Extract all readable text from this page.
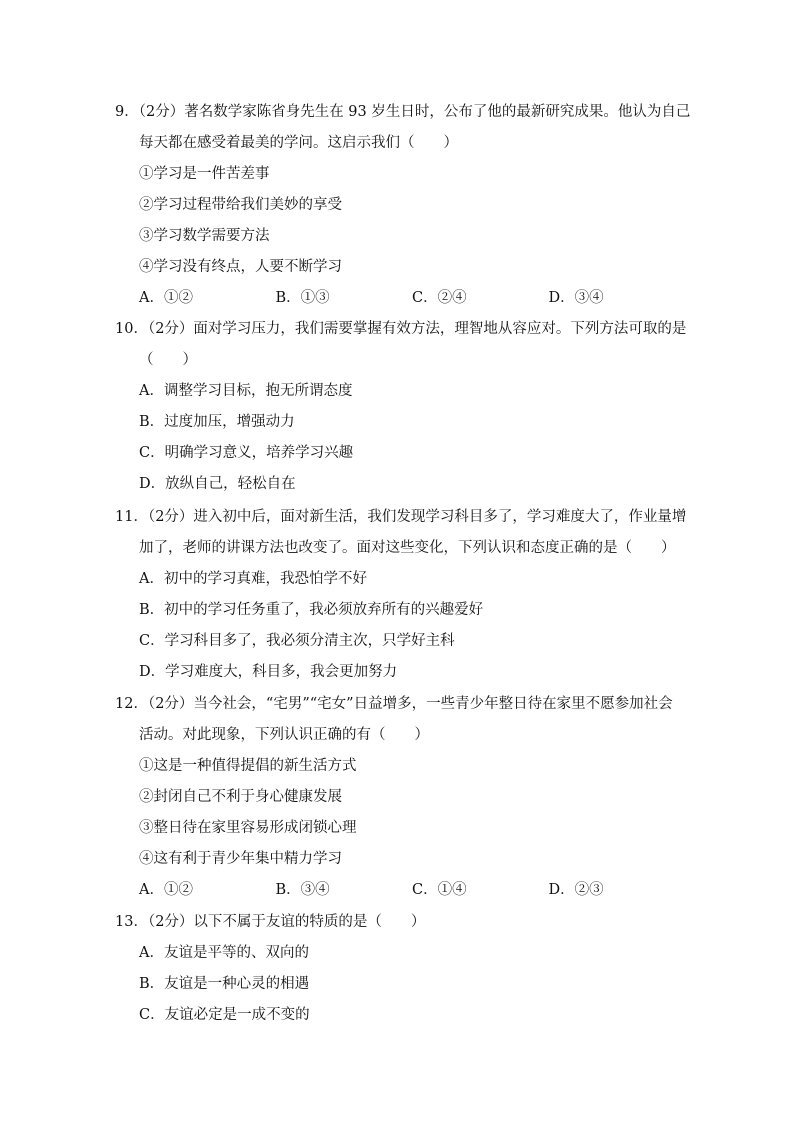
9．（2分）著名数学家陈省身先生在 93 岁生日时，公布了他的最新研究成果。他认为自己
每天都在感受着最美的学问。这启示我们（　　）
①学习是一件苦差事
②学习过程带给我们美妙的享受
③学习数学需要方法
④学习没有终点，人要不断学习
A．①②	B．①③	C．②④	D．③④
10．（2分）面对学习压力，我们需要掌握有效方法，理智地从容应对。下列方法可取的是
（　　）
A．调整学习目标，抱无所谓态度
B．过度加压，增强动力
C．明确学习意义，培养学习兴趣
D．放纵自己，轻松自在
11．（2分）进入初中后，面对新生活，我们发现学习科目多了，学习难度大了，作业量增
加了，老师的讲课方法也改变了。面对这些变化，下列认识和态度正确的是（　　）
A．初中的学习真难，我恐怕学不好
B．初中的学习任务重了，我必须放弃所有的兴趣爱好
C．学习科目多了，我必须分清主次，只学好主科
D．学习难度大，科目多，我会更加努力
12．（2分）当今社会，“宅男”“宅女”日益增多，一些青少年整日待在家里不愿参加社会
活动。对此现象，下列认识正确的有（　　）
①这是一种值得提倡的新生活方式
②封闭自己不利于身心健康发展
③整日待在家里容易形成闭锁心理
④这有利于青少年集中精力学习
A．①②	B．③④	C．①④	D．②③
13．（2分）以下不属于友谊的特质的是（　　）
A．友谊是平等的、双向的
B．友谊是一种心灵的相遇
C．友谊必定是一成不变的
